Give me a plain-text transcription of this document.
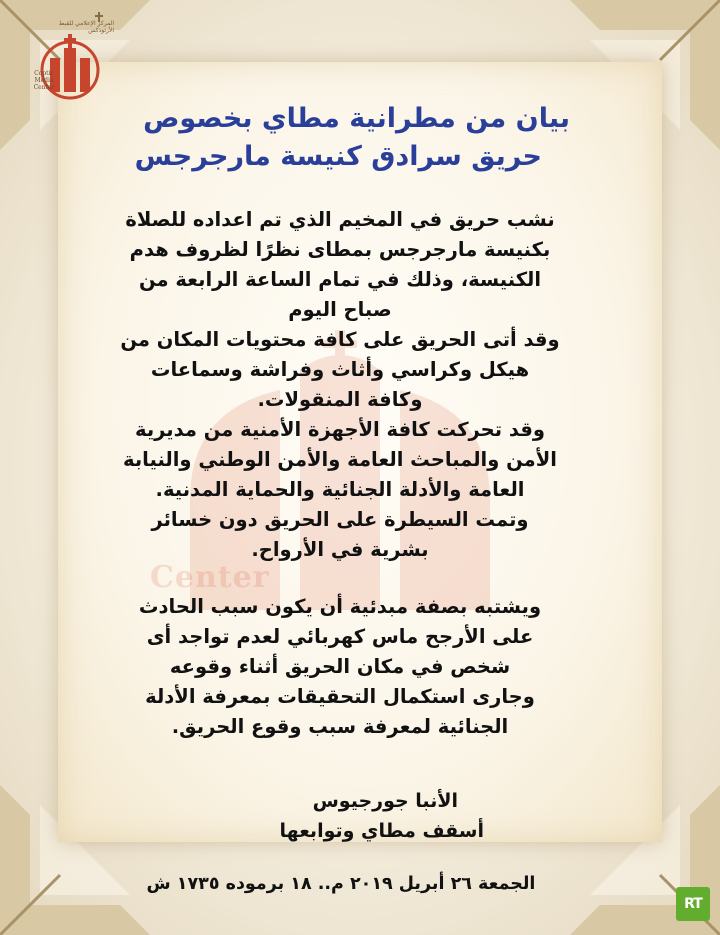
Center
المركز الإعلامي للقبط الأرثوذكس
Coptic
Media
Center
بيان من مطرانية مطاي بخصوص
حريق سرادق كنيسة مارجرجس
نشب حريق في المخيم الذي تم اعداده للصلاة
بكنيسة مارجرجس بمطاى نظرًا لظروف هدم
الكنيسة، وذلك في تمام الساعة الرابعة من
صباح اليوم
وقد أتى الحريق على كافة محتويات المكان من
هيكل وكراسي وأثاث وفراشة وسماعات
وكافة المنقولات.
وقد تحركت كافة الأجهزة الأمنية من مديرية
الأمن والمباحث العامة والأمن الوطني والنيابة
العامة والأدلة الجنائية والحماية المدنية.
وتمت السيطرة على الحريق دون خسائر
بشرية في الأرواح.
ويشتبه بصفة مبدئية أن يكون سبب الحادث
على الأرجح ماس كهربائي لعدم تواجد أى
شخص في مكان الحريق أثناء وقوعه
وجارى استكمال التحقيقات بمعرفة الأدلة
الجنائية لمعرفة سبب وقوع الحريق.
الأنبا جورجيوس
أسقف مطاي وتوابعها
الجمعة ٢٦ أبريل ٢٠١٩ م.. ١٨ برموده ١٧٣٥ ش
RT
